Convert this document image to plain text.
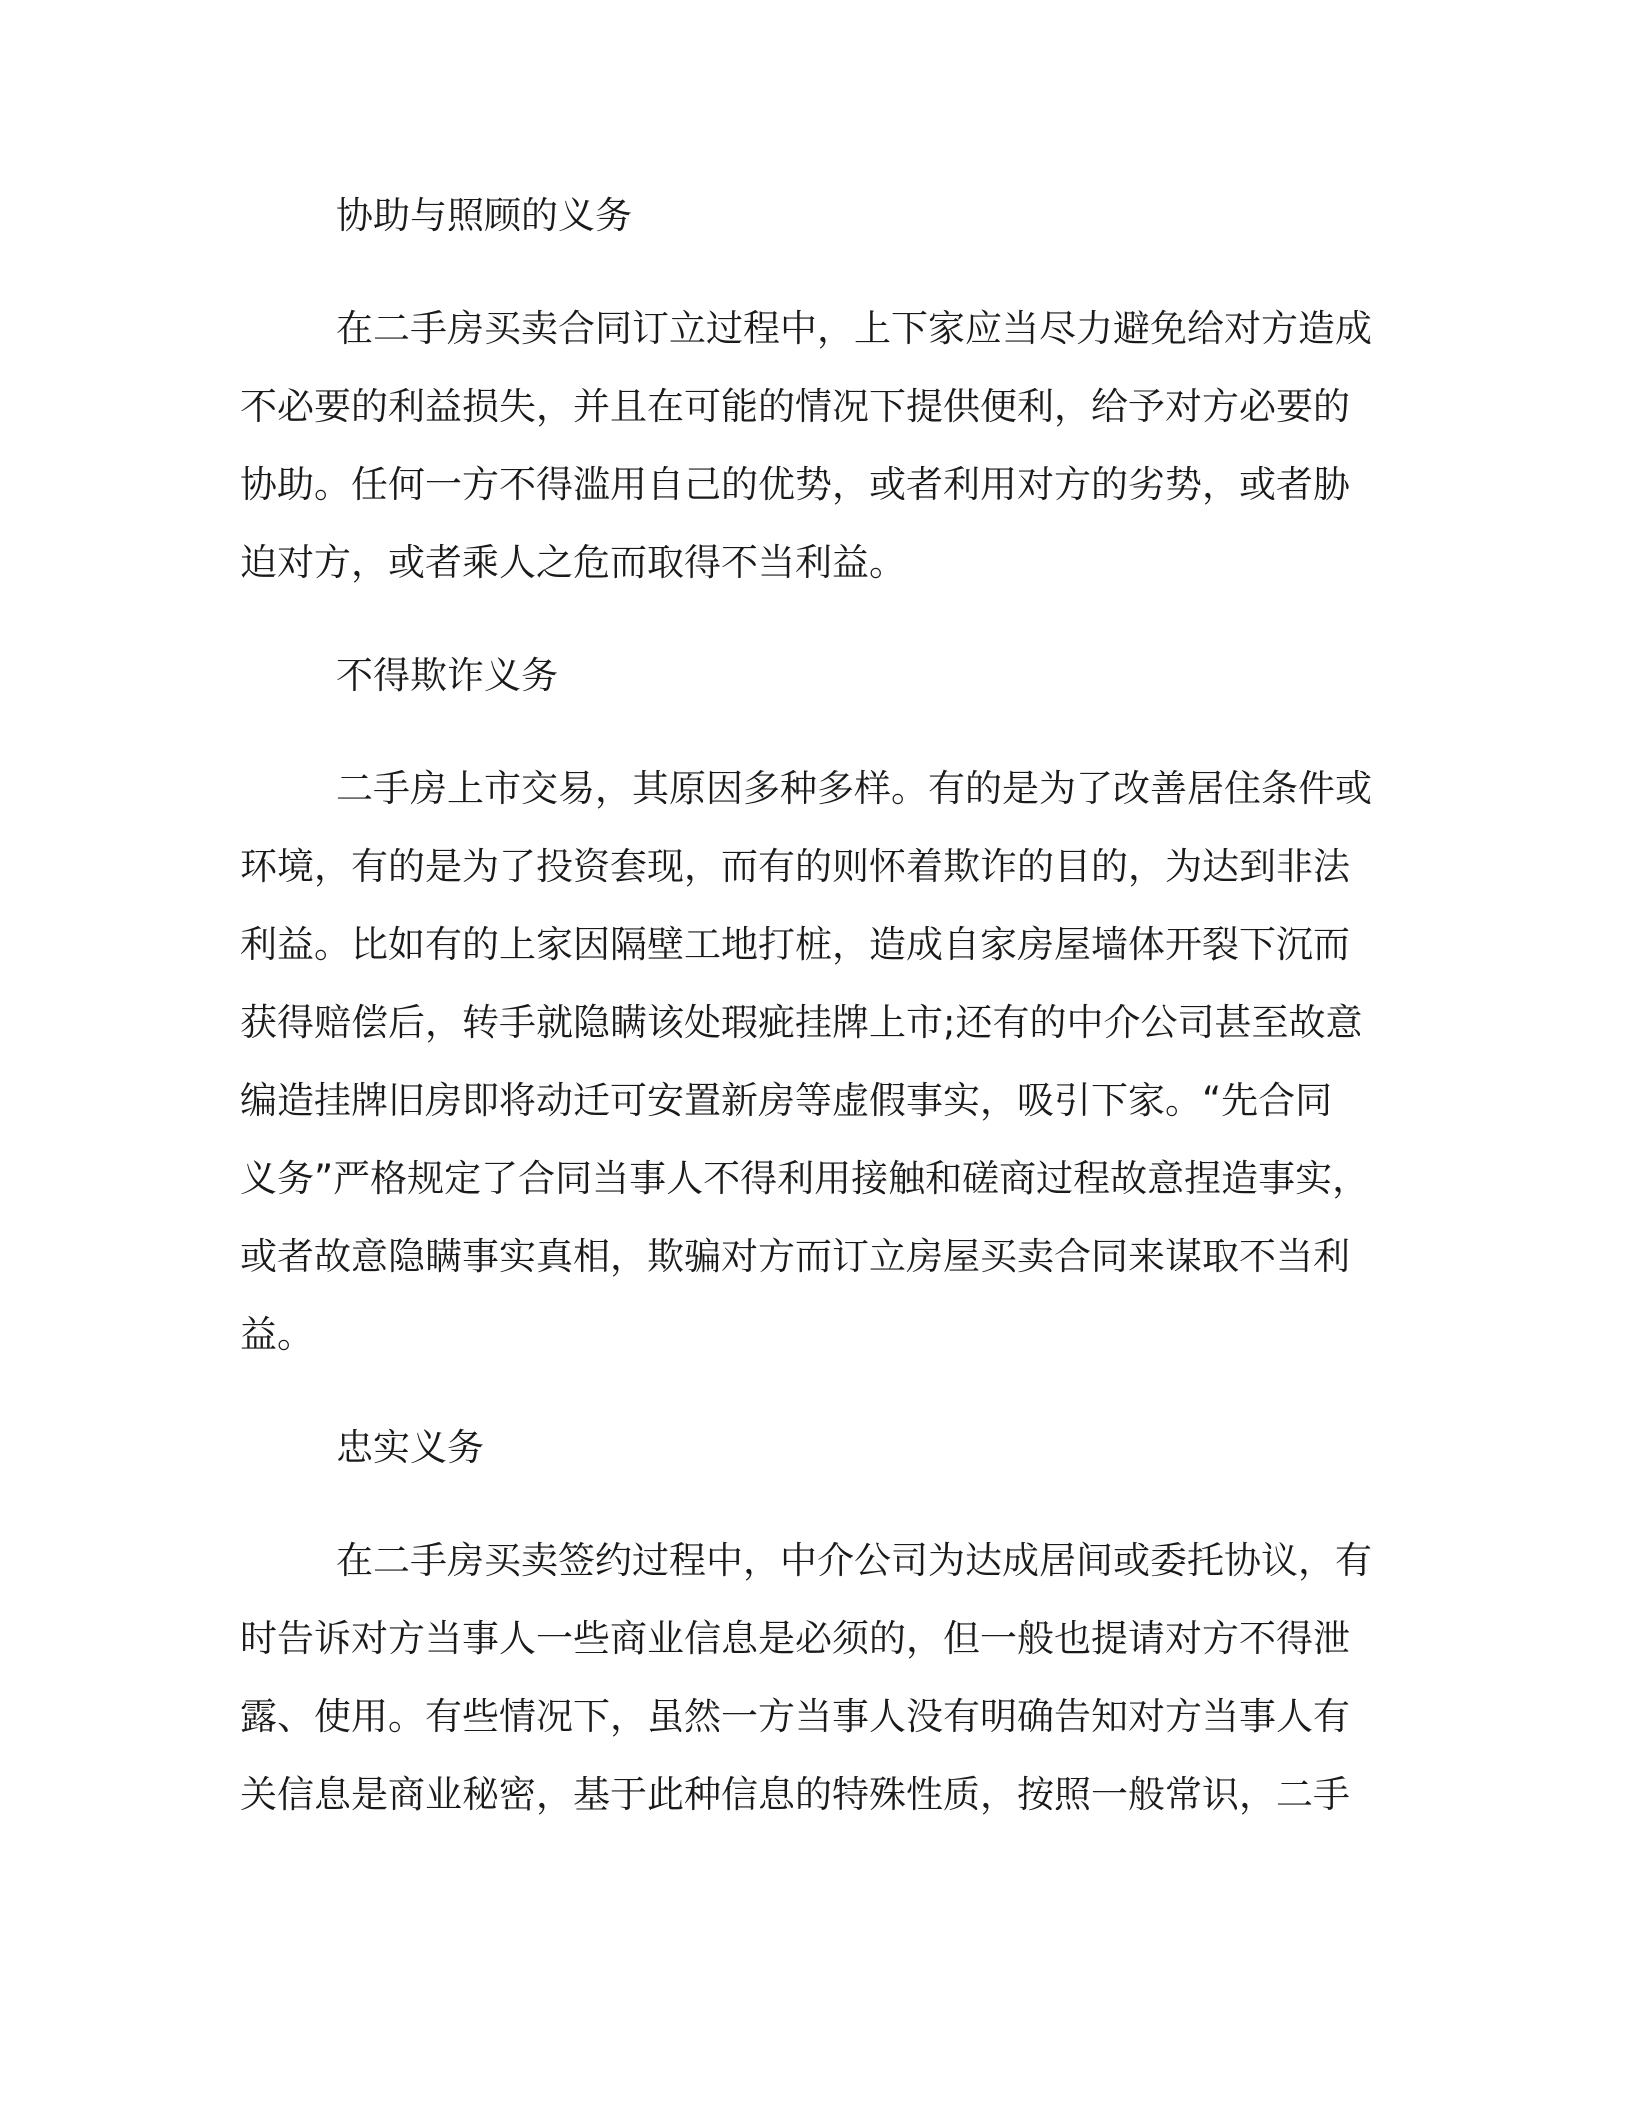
协助与照顾的义务
在二手房买卖合同订立过程中，上下家应当尽力避免给对方造成
不必要的利益损失，并且在可能的情况下提供便利，给予对方必要的
协助。任何一方不得滥用自己的优势，或者利用对方的劣势，或者胁
迫对方，或者乘人之危而取得不当利益。
不得欺诈义务
二手房上市交易，其原因多种多样。有的是为了改善居住条件或
环境，有的是为了投资套现，而有的则怀着欺诈的目的，为达到非法
利益。比如有的上家因隔壁工地打桩，造成自家房屋墙体开裂下沉而
获得赔偿后，转手就隐瞒该处瑕疵挂牌上市;还有的中介公司甚至故意
编造挂牌旧房即将动迁可安置新房等虚假事实，吸引下家。“先合同
义务”严格规定了合同当事人不得利用接触和磋商过程故意捏造事实，
或者故意隐瞒事实真相，欺骗对方而订立房屋买卖合同来谋取不当利
益。
忠实义务
在二手房买卖签约过程中，中介公司为达成居间或委托协议，有
时告诉对方当事人一些商业信息是必须的，但一般也提请对方不得泄
露、使用。有些情况下，虽然一方当事人没有明确告知对方当事人有
关信息是商业秘密，基于此种信息的特殊性质，按照一般常识，二手
